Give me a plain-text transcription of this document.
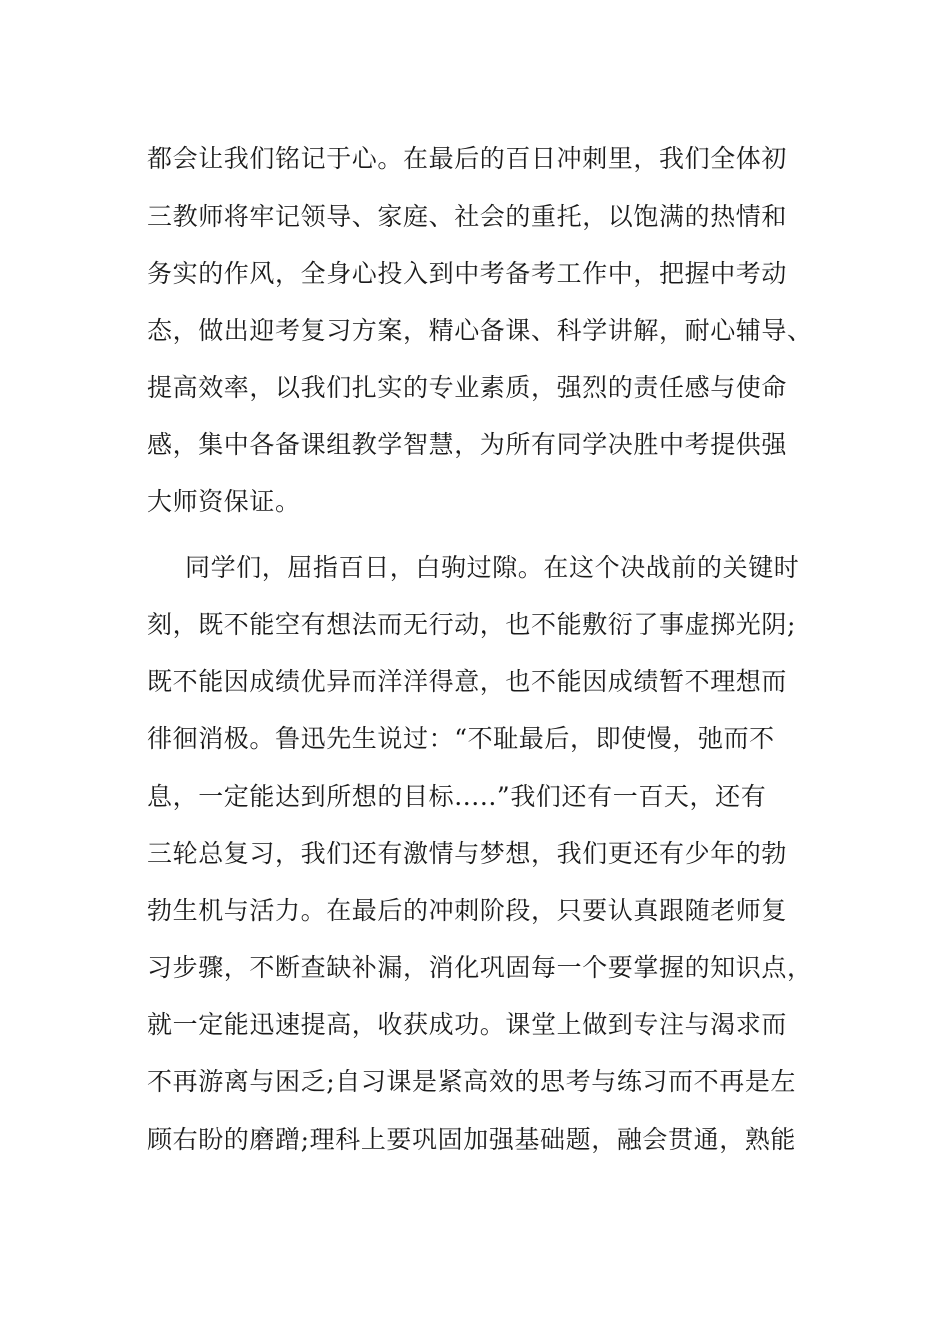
都会让我们铭记于心。在最后的百日冲刺里，我们全体初
三教师将牢记领导、家庭、社会的重托，以饱满的热情和
务实的作风，全身心投入到中考备考工作中，把握中考动
态，做出迎考复习方案，精心备课、科学讲解，耐心辅导、
提高效率，以我们扎实的专业素质，强烈的责任感与使命
感，集中各备课组教学智慧，为所有同学决胜中考提供强
大师资保证。
同学们，屈指百日，白驹过隙。在这个决战前的关键时
刻，既不能空有想法而无行动，也不能敷衍了事虚掷光阴;
既不能因成绩优异而洋洋得意，也不能因成绩暂不理想而
徘徊消极。鲁迅先生说过：“不耻最后，即使慢，弛而不
息，一定能达到所想的目标.....”我们还有一百天，还有
三轮总复习，我们还有激情与梦想，我们更还有少年的勃
勃生机与活力。在最后的冲刺阶段，只要认真跟随老师复
习步骤，不断查缺补漏，消化巩固每一个要掌握的知识点，
就一定能迅速提高，收获成功。课堂上做到专注与渴求而
不再游离与困乏;自习课是紧高效的思考与练习而不再是左
顾右盼的磨蹭;理科上要巩固加强基础题，融会贯通，熟能
